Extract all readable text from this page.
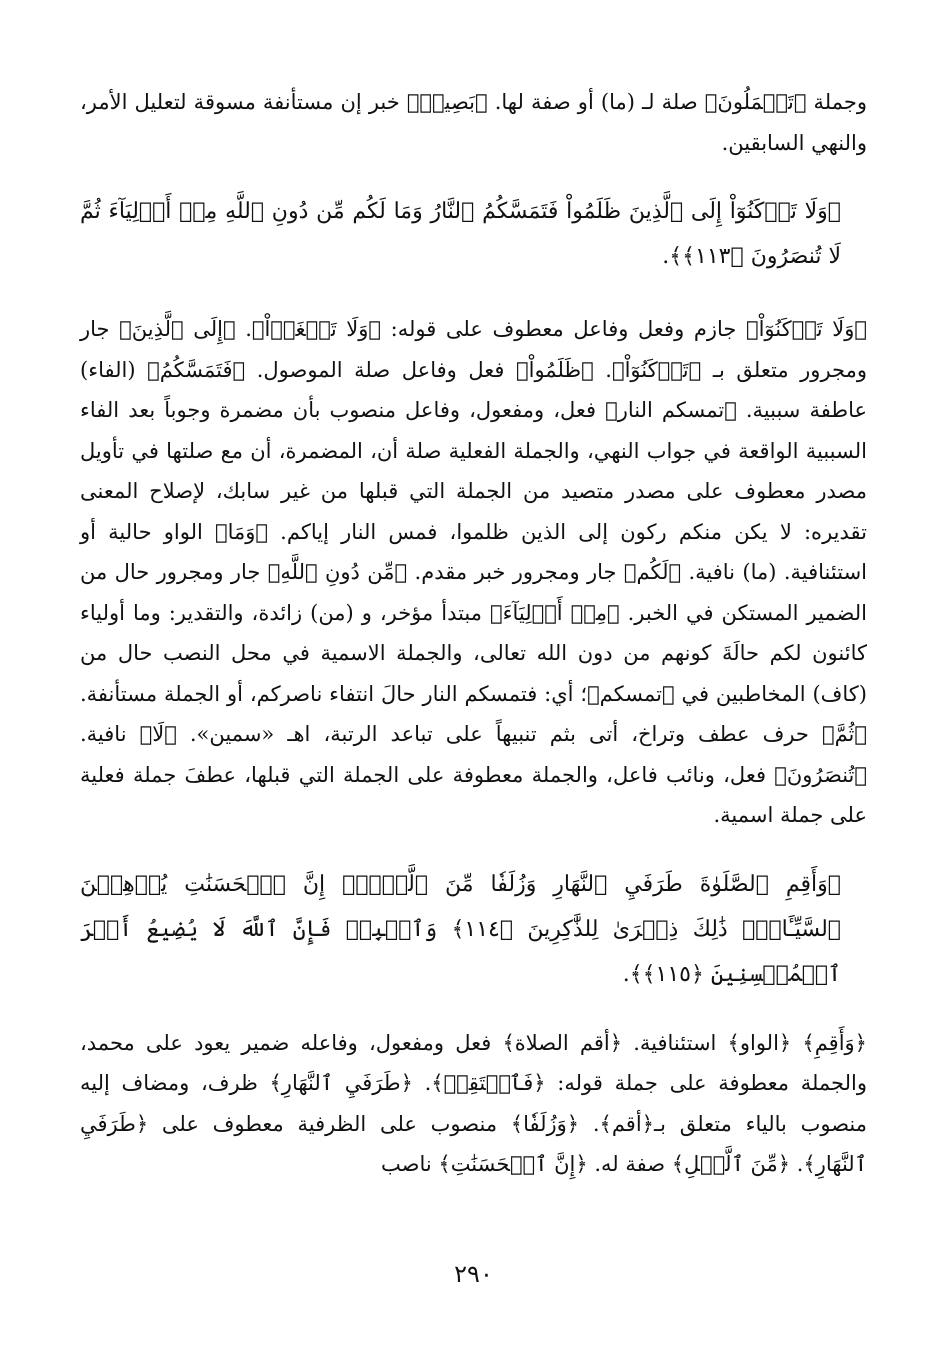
وجملة ﴿تَعۡمَلُونَ﴾ صلة لـ (ما) أو صفة لها. ﴿بَصِيرٞ﴾ خبر إن مستأنفة مسوقة لتعليل الأمر، والنهي السابقين.

﴿وَلَا تَرۡكَنُوٓاْ إِلَى ٱلَّذِينَ ظَلَمُواْ فَتَمَسَّكُمُ ٱلنَّارُ وَمَا لَكُم مِّن دُونِ ٱللَّهِ مِنۡ أَوۡلِيَآءَ ثُمَّ لَا تُنصَرُونَ ﴿١١٣﴾﴾.

﴿وَلَا تَرۡكَنُوٓاْ﴾ جازم وفعل وفاعل معطوف على قوله: ﴿وَلَا تَطۡغَوۡاْ﴾. ﴿إِلَى ٱلَّذِينَ﴾ جار ومجرور متعلق بـ ﴿تَرۡكَنُوٓاْ﴾. ﴿ظَلَمُواْ﴾ فعل وفاعل صلة الموصول. ﴿فَتَمَسَّكُمُ﴾ (الفاء) عاطفة سببية. ﴿تمسكم النار﴾ فعل، ومفعول، وفاعل منصوب بأن مضمرة وجوباً بعد الفاء السببية الواقعة في جواب النهي، والجملة الفعلية صلة أن، المضمرة، أن مع صلتها في تأويل مصدر معطوف على مصدر متصيد من الجملة التي قبلها من غير سابك، لإصلاح المعنى تقديره: لا يكن منكم ركون إلى الذين ظلموا، فمس النار إياكم. ﴿وَمَا﴾ الواو حالية أو استئنافية. (ما) نافية. ﴿لَكُم﴾ جار ومجرور خبر مقدم. ﴿مِّن دُونِ ٱللَّهِ﴾ جار ومجرور حال من الضمير المستكن في الخبر. ﴿مِنۡ أَوۡلِيَآءَ﴾ مبتدأ مؤخر، و (من) زائدة، والتقدير: وما أولياء كائنون لكم حالَةَ كونهم من دون الله تعالى، والجملة الاسمية في محل النصب حال من (كاف) المخاطبين في ﴿تمسكم﴾؛ أي: فتمسكم النار حالَ انتفاء ناصركم، أو الجملة مستأنفة. ﴿ثُمَّ﴾ حرف عطف وتراخ، أتى بثم تنبيهاً على تباعد الرتبة، اهـ «سمين». ﴿لَا﴾ نافية. ﴿تُنصَرُونَ﴾ فعل، ونائب فاعل، والجملة معطوفة على الجملة التي قبلها، عطفَ جملة فعلية على جملة اسمية.

﴿وَأَقِمِ ٱلصَّلَوٰةَ طَرَفَيِ ٱلنَّهَارِ وَزُلَفٗا مِّنَ ٱلَّيۡلِۚ إِنَّ ٱلۡحَسَنَٰتِ يُذۡهِبۡنَ ٱلسَّيِّـَٔاتِۚ ذَٰلِكَ ذِكۡرَىٰ لِلذَّٰكِرِينَ ﴿١١٤﴾ وَٱصۡبِرۡ فَإِنَّ ٱللَّهَ لَا يُضِيعُ أَجۡرَ ٱلۡمُحۡسِنِينَ ﴿١١٥﴾﴾.

﴿وَأَقِمِ﴾ ﴿الواو﴾ استئنافية. ﴿أقم الصلاة﴾ فعل ومفعول، وفاعله ضمير يعود على محمد، والجملة معطوفة على جملة قوله: ﴿فَٱسۡتَقِمۡ﴾. ﴿طَرَفَيِ ٱلنَّهَارِ﴾ ظرف، ومضاف إليه منصوب بالياء متعلق بـ﴿أقم﴾. ﴿وَزُلَفٗا﴾ منصوب على الظرفية معطوف على ﴿طَرَفَيِ ٱلنَّهَارِ﴾. ﴿مِّنَ ٱلَّيۡلِ﴾ صفة له. ﴿إِنَّ ٱلۡحَسَنَٰتِ﴾ ناصب

٢٩٠
